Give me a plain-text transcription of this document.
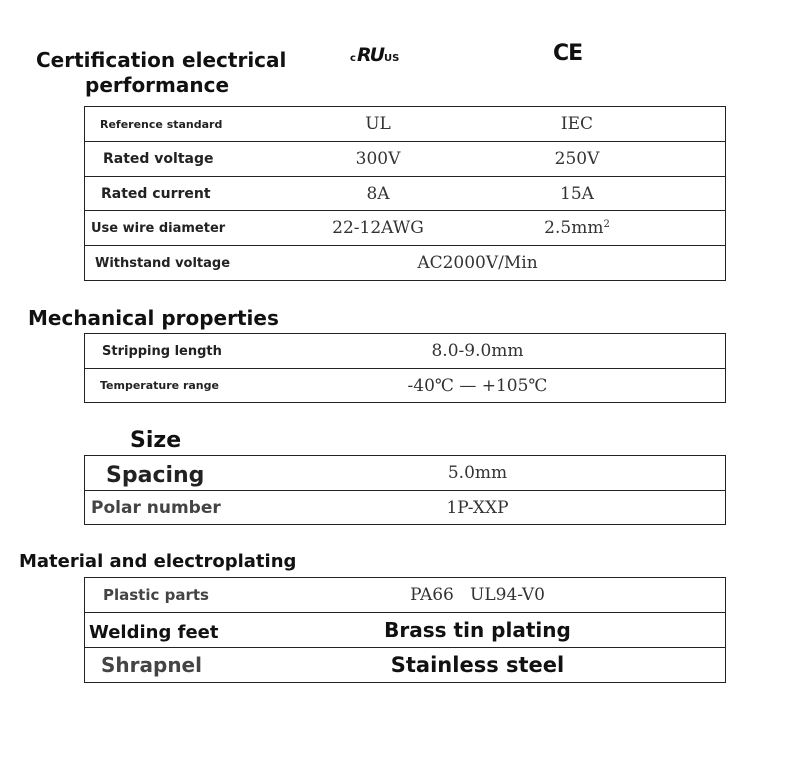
Certification electrical
performance
c RU US	CE
Reference standard	UL	IEC
Rated voltage	300V	250V
Rated current	8A	15A
Use wire diameter	22-12AWG	$2.5mm^2$
Withstand voltage	AC2000V/Min
Mechanical properties
Stripping length	8.0-9.0mm
Temperature range	-40℃ — +105℃
Size
Spacing	5.0mm
Polar number	1P-XXP
Material and electroplating
Plastic parts	PA66   UL94-V0
Welding feet	Brass tin plating
Shrapnel	Stainless steel
